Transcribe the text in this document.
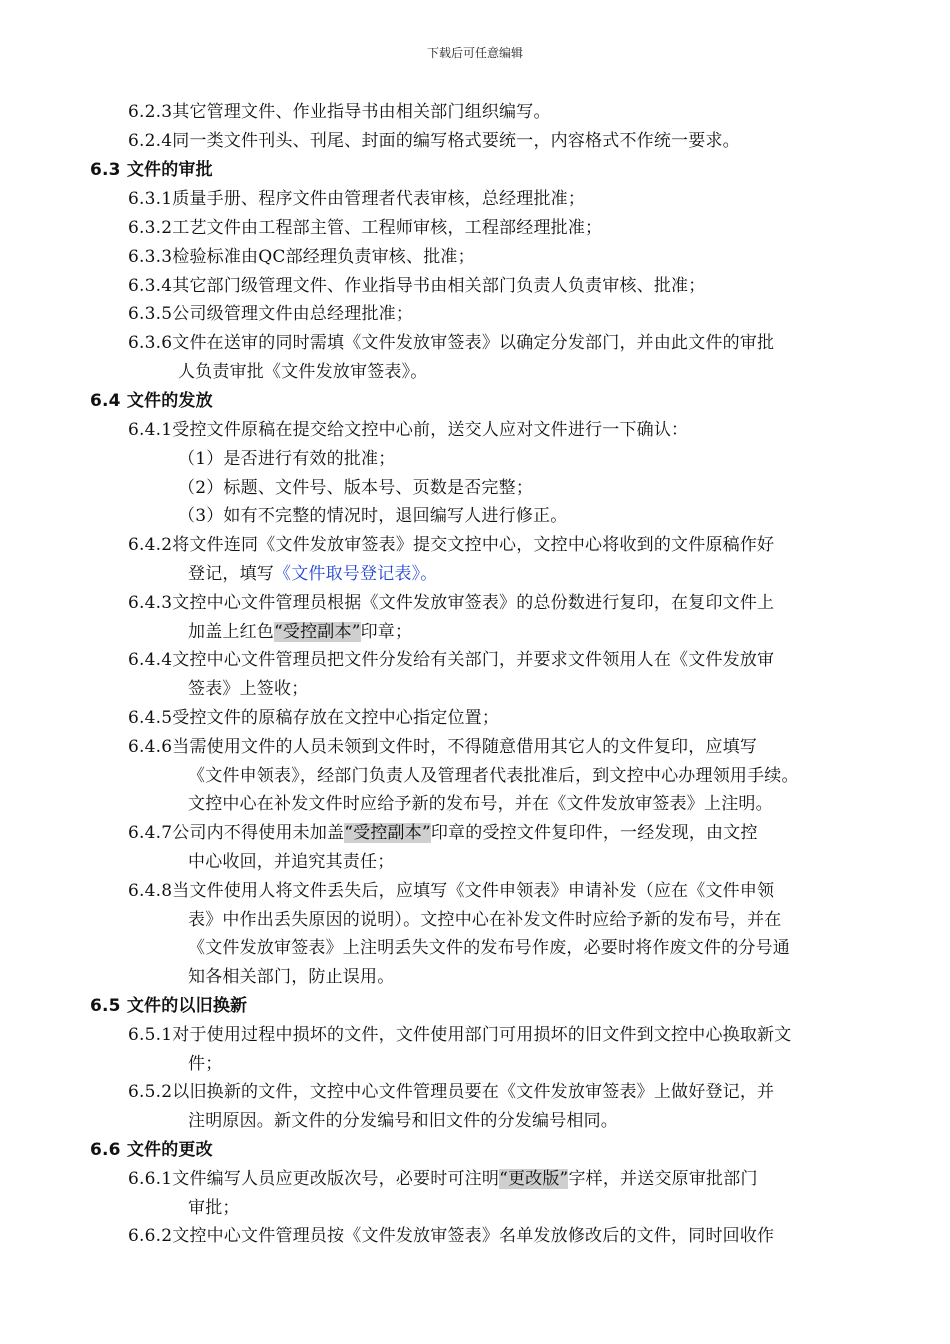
下载后可任意编辑
6.2.3其它管理文件、作业指导书由相关部门组织编写。
6.2.4同一类文件刊头、刊尾、封面的编写格式要统一，内容格式不作统一要求。
6.3 文件的审批
6.3.1质量手册、程序文件由管理者代表审核，总经理批准；
6.3.2工艺文件由工程部主管、工程师审核，工程部经理批准；
6.3.3检验标准由QC部经理负责审核、批准；
6.3.4其它部门级管理文件、作业指导书由相关部门负责人负责审核、批准；
6.3.5公司级管理文件由总经理批准；
6.3.6文件在送审的同时需填《文件发放审签表》以确定分发部门，并由此文件的审批
人负责审批《文件发放审签表》。
6.4 文件的发放
6.4.1受控文件原稿在提交给文控中心前，送交人应对文件进行一下确认：
（1）是否进行有效的批准；
（2）标题、文件号、版本号、页数是否完整；
（3）如有不完整的情况时，退回编写人进行修正。
6.4.2将文件连同《文件发放审签表》提交文控中心，文控中心将收到的文件原稿作好
登记，填写《文件取号登记表》。
6.4.3文控中心文件管理员根据《文件发放审签表》的总份数进行复印，在复印文件上
加盖上红色“受控副本”印章；
6.4.4文控中心文件管理员把文件分发给有关部门，并要求文件领用人在《文件发放审
签表》上签收；
6.4.5受控文件的原稿存放在文控中心指定位置；
6.4.6当需使用文件的人员未领到文件时，不得随意借用其它人的文件复印，应填写
《文件申领表》，经部门负责人及管理者代表批准后，到文控中心办理领用手续。
文控中心在补发文件时应给予新的发布号，并在《文件发放审签表》上注明。
6.4.7公司内不得使用未加盖“受控副本”印章的受控文件复印件，一经发现，由文控
中心收回，并追究其责任；
6.4.8当文件使用人将文件丢失后，应填写《文件申领表》申请补发（应在《文件申领
表》中作出丢失原因的说明）。文控中心在补发文件时应给予新的发布号，并在
《文件发放审签表》上注明丢失文件的发布号作废，必要时将作废文件的分号通
知各相关部门，防止误用。
6.5 文件的以旧换新
6.5.1对于使用过程中损坏的文件，文件使用部门可用损坏的旧文件到文控中心换取新文
件；
6.5.2以旧换新的文件，文控中心文件管理员要在《文件发放审签表》上做好登记，并
注明原因。新文件的分发编号和旧文件的分发编号相同。
6.6 文件的更改
6.6.1文件编写人员应更改版次号，必要时可注明“更改版”字样，并送交原审批部门
审批；
6.6.2文控中心文件管理员按《文件发放审签表》名单发放修改后的文件，同时回收作
